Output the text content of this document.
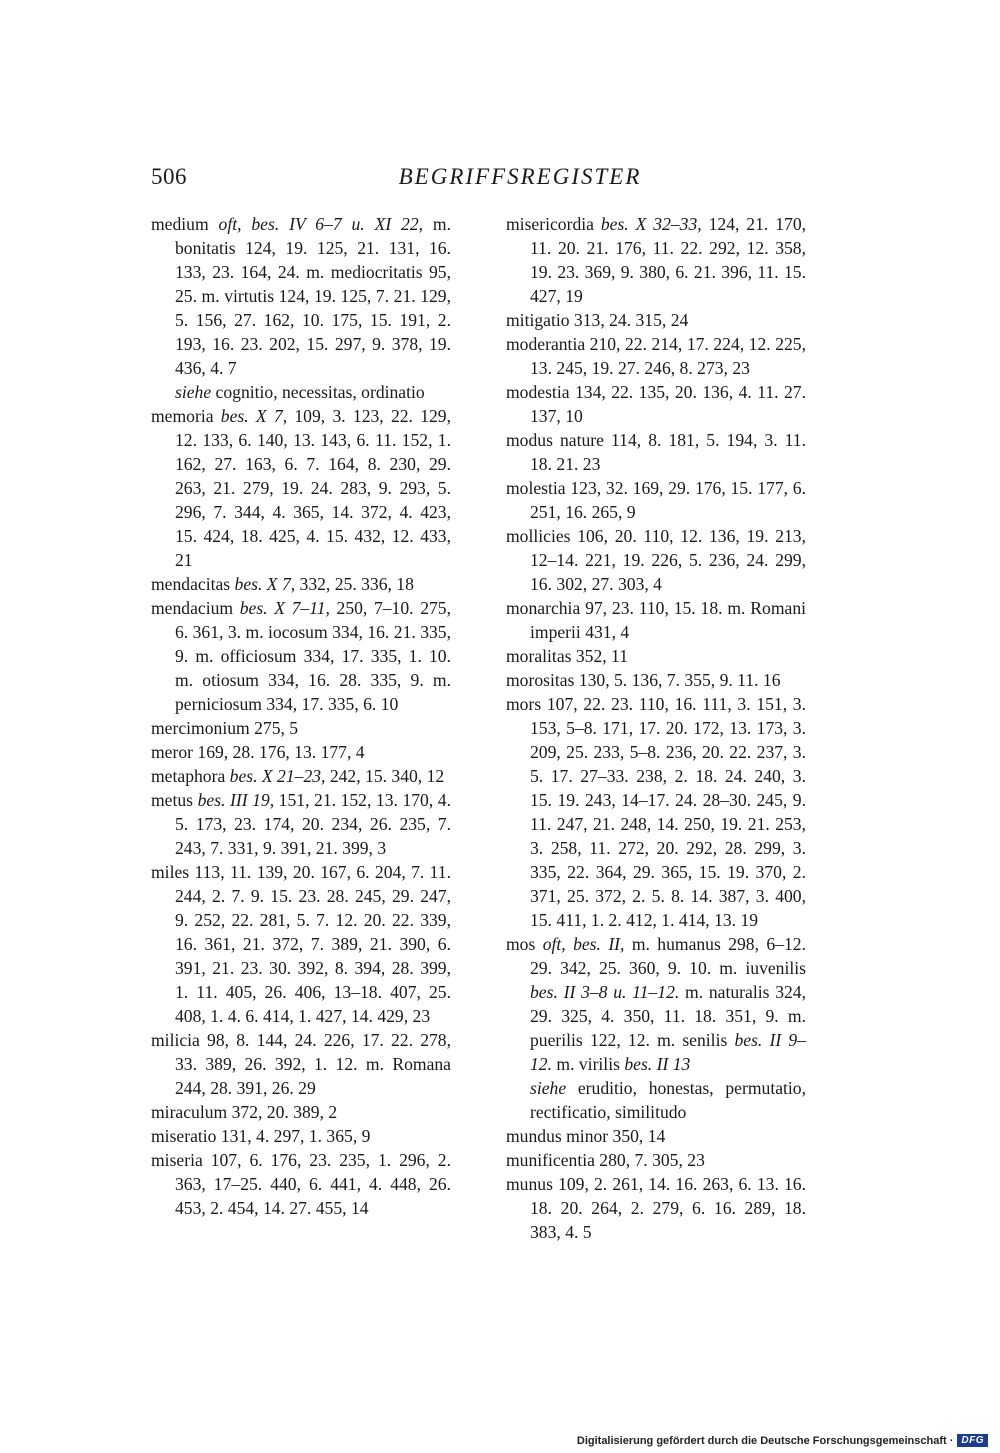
506	BEGRIFFSREGISTER

medium oft, bes. IV 6–7 u. XI 22, m. bonitatis 124, 19. 125, 21. 131, 16. 133, 23. 164, 24. m. mediocritatis 95, 25. m. virtutis 124, 19. 125, 7. 21. 129, 5. 156, 27. 162, 10. 175, 15. 191, 2. 193, 16. 23. 202, 15. 297, 9. 378, 19. 436, 4. 7

siehe cognitio, necessitas, ordinatio

memoria bes. X 7, 109, 3. 123, 22. 129, 12. 133, 6. 140, 13. 143, 6. 11. 152, 1. 162, 27. 163, 6. 7. 164, 8. 230, 29. 263, 21. 279, 19. 24. 283, 9. 293, 5. 296, 7. 344, 4. 365, 14. 372, 4. 423, 15. 424, 18. 425, 4. 15. 432, 12. 433, 21

mendacitas bes. X 7, 332, 25. 336, 18

mendacium bes. X 7–11, 250, 7–10. 275, 6. 361, 3. m. iocosum 334, 16. 21. 335, 9. m. officiosum 334, 17. 335, 1. 10. m. otiosum 334, 16. 28. 335, 9. m. perniciosum 334, 17. 335, 6. 10

mercimonium 275, 5

meror 169, 28. 176, 13. 177, 4

metaphora bes. X 21–23, 242, 15. 340, 12

metus bes. III 19, 151, 21. 152, 13. 170, 4. 5. 173, 23. 174, 20. 234, 26. 235, 7. 243, 7. 331, 9. 391, 21. 399, 3

miles 113, 11. 139, 20. 167, 6. 204, 7. 11. 244, 2. 7. 9. 15. 23. 28. 245, 29. 247, 9. 252, 22. 281, 5. 7. 12. 20. 22. 339, 16. 361, 21. 372, 7. 389, 21. 390, 6. 391, 21. 23. 30. 392, 8. 394, 28. 399, 1. 11. 405, 26. 406, 13–18. 407, 25. 408, 1. 4. 6. 414, 1. 427, 14. 429, 23

milicia 98, 8. 144, 24. 226, 17. 22. 278, 33. 389, 26. 392, 1. 12. m. Romana 244, 28. 391, 26. 29

miraculum 372, 20. 389, 2

miseratio 131, 4. 297, 1. 365, 9

miseria 107, 6. 176, 23. 235, 1. 296, 2. 363, 17–25. 440, 6. 441, 4. 448, 26. 453, 2. 454, 14. 27. 455, 14

misericordia bes. X 32–33, 124, 21. 170, 11. 20. 21. 176, 11. 22. 292, 12. 358, 19. 23. 369, 9. 380, 6. 21. 396, 11. 15. 427, 19

mitigatio 313, 24. 315, 24

moderantia 210, 22. 214, 17. 224, 12. 225, 13. 245, 19. 27. 246, 8. 273, 23

modestia 134, 22. 135, 20. 136, 4. 11. 27. 137, 10

modus nature 114, 8. 181, 5. 194, 3. 11. 18. 21. 23

molestia 123, 32. 169, 29. 176, 15. 177, 6. 251, 16. 265, 9

mollicies 106, 20. 110, 12. 136, 19. 213, 12–14. 221, 19. 226, 5. 236, 24. 299, 16. 302, 27. 303, 4

monarchia 97, 23. 110, 15. 18. m. Romani imperii 431, 4

moralitas 352, 11

morositas 130, 5. 136, 7. 355, 9. 11. 16

mors 107, 22. 23. 110, 16. 111, 3. 151, 3. 153, 5–8. 171, 17. 20. 172, 13. 173, 3. 209, 25. 233, 5–8. 236, 20. 22. 237, 3. 5. 17. 27–33. 238, 2. 18. 24. 240, 3. 15. 19. 243, 14–17. 24. 28–30. 245, 9. 11. 247, 21. 248, 14. 250, 19. 21. 253, 3. 258, 11. 272, 20. 292, 28. 299, 3. 335, 22. 364, 29. 365, 15. 19. 370, 2. 371, 25. 372, 2. 5. 8. 14. 387, 3. 400, 15. 411, 1. 2. 412, 1. 414, 13. 19

mos oft, bes. II, m. humanus 298, 6–12. 29. 342, 25. 360, 9. 10. m. iuvenilis bes. II 3–8 u. 11–12. m. naturalis 324, 29. 325, 4. 350, 11. 18. 351, 9. m. puerilis 122, 12. m. senilis bes. II 9–12. m. virilis bes. II 13

siehe eruditio, honestas, permutatio, rectificatio, similitudo

mundus minor 350, 14

munificentia 280, 7. 305, 23

munus 109, 2. 261, 14. 16. 263, 6. 13. 16. 18. 20. 264, 2. 279, 6. 16. 289, 18. 383, 4. 5

Digitalisierung gefördert durch die Deutsche Forschungsgemeinschaft · DFG
